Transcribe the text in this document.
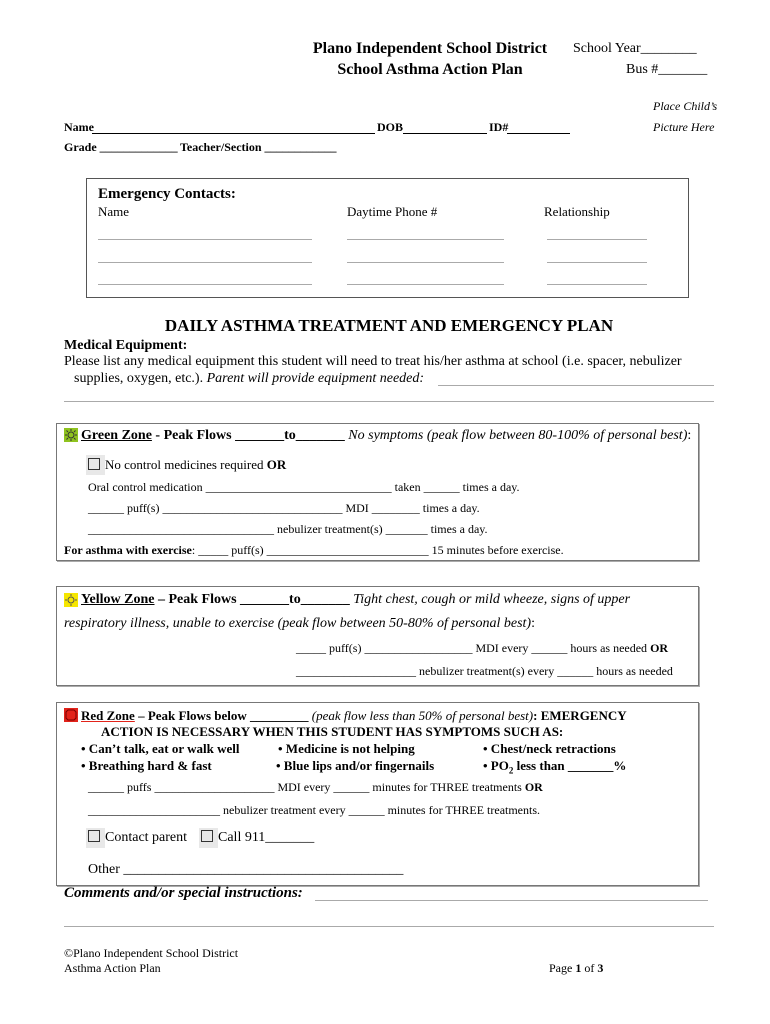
Plano Independent School District
School Asthma Action Plan
School Year________
Bus #_______
Place Child’s
Picture Here
Name	DOB	ID#
Grade _____________ Teacher/Section ____________
Emergency Contacts:
Name	Daytime Phone #	Relationship
DAILY ASTHMA TREATMENT AND EMERGENCY PLAN
Medical Equipment:
Please list any medical equipment this student will need to treat his/her asthma at school (i.e. spacer, nebulizer
supplies, oxygen, etc.). Parent will provide equipment needed:
Green Zone - Peak Flows _______to_______ No symptoms (peak flow between 80-100% of personal best):
No control medicines required OR
Oral control medication _______________________________ taken ______ times a day.
______ puff(s) ______________________________ MDI ________ times a day.
_______________________________ nebulizer treatment(s) _______ times a day.
For asthma with exercise: _____ puff(s) ___________________________ 15 minutes before exercise.
Yellow Zone – Peak Flows _______to_______ Tight chest, cough or mild wheeze, signs of upper
respiratory illness, unable to exercise (peak flow between 50-80% of personal best):
_____ puff(s) __________________ MDI every ______ hours as needed OR
____________________ nebulizer treatment(s) every ______ hours as needed
Red Zone – Peak Flows below _________ (peak flow less than 50% of personal best): EMERGENCY
ACTION IS NECESSARY WHEN THIS STUDENT HAS SYMPTOMS SUCH AS:
• Can’t talk, eat or walk well	• Medicine is not helping	• Chest/neck retractions
• Breathing hard & fast	• Blue lips and/or fingernails	• $PO_2$ less than _______%
______ puffs ____________________ MDI every ______ minutes for THREE treatments OR
______________________ nebulizer treatment every ______ minutes for THREE treatments.
Contact parent	Call 911_______
Other ________________________________________
Comments and/or special instructions:
©Plano Independent School District
Asthma Action Plan	Page 1 of 3
